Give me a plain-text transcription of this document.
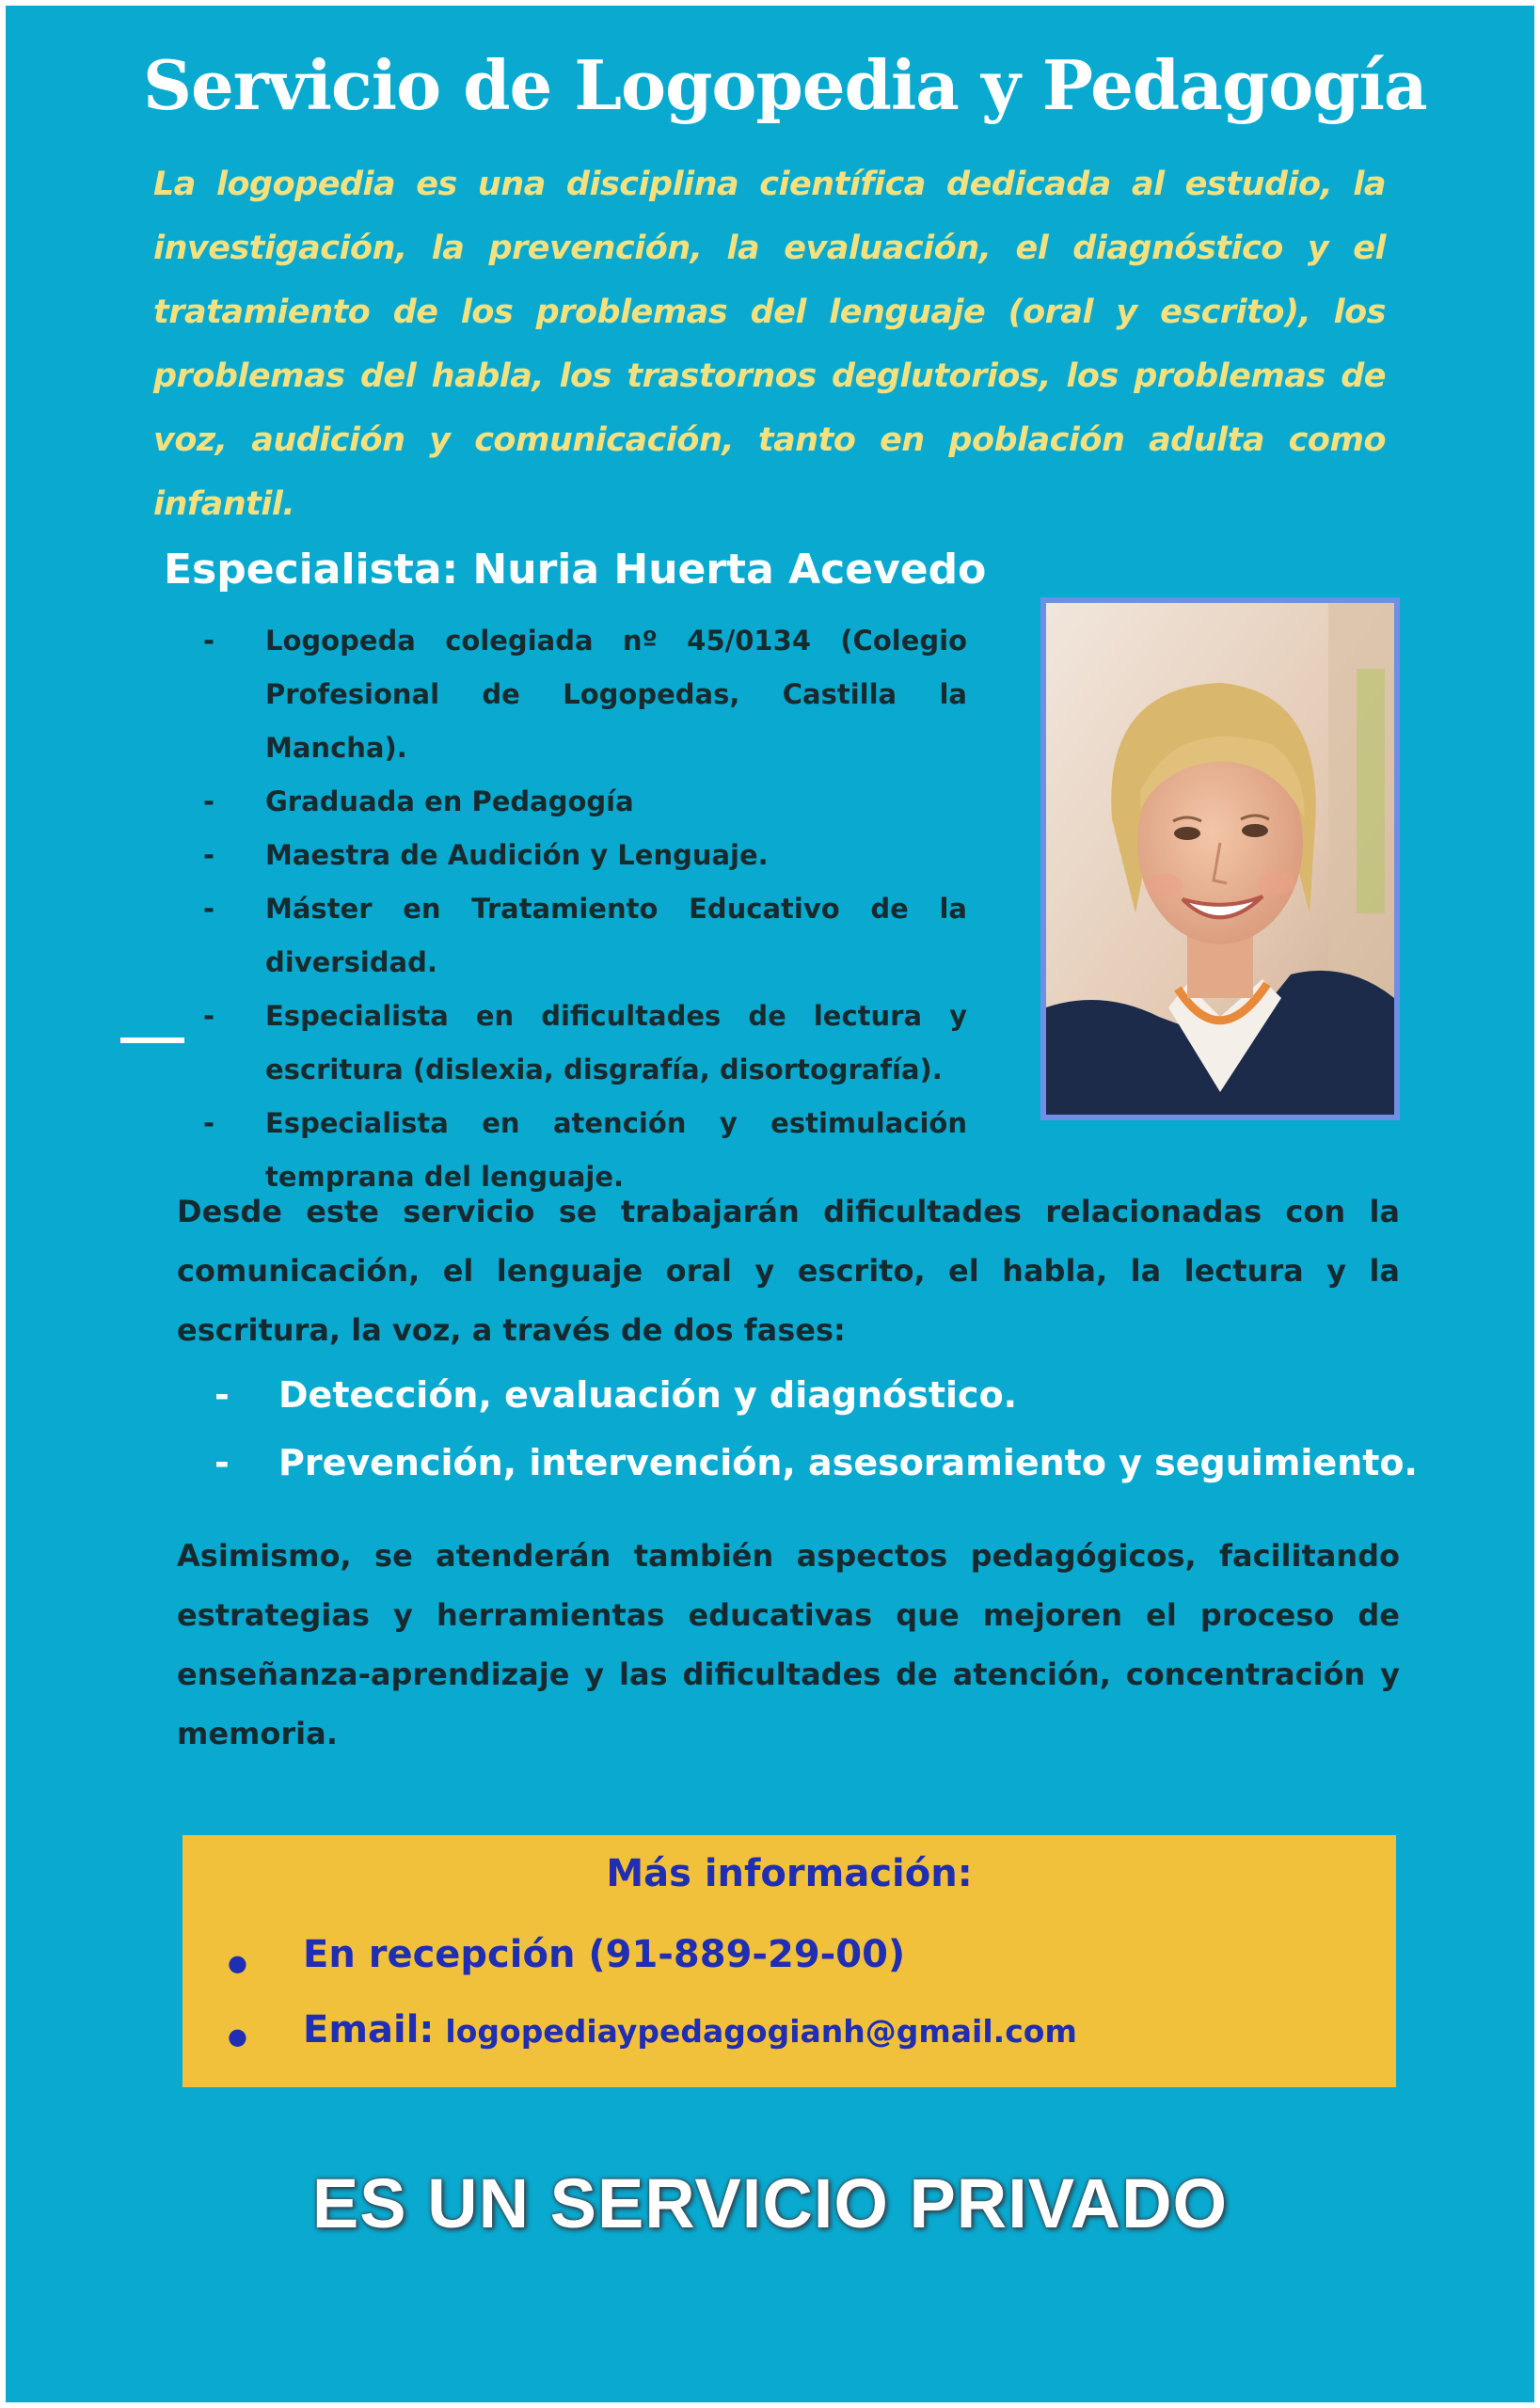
Servicio de Logopedia y Pedagogía

La logopedia es una disciplina científica dedicada al estudio, la investigación, la prevención, la evaluación, el diagnóstico y el tratamiento de los problemas del lenguaje (oral y escrito), los problemas del habla, los trastornos deglutorios, los problemas de voz, audición y comunicación, tanto en población adulta como infantil.

Especialista: Nuria Huerta Acevedo
- Logopeda colegiada nº 45/0134 (Colegio Profesional de Logopedas, Castilla la Mancha).
- Graduada en Pedagogía
- Maestra de Audición y Lenguaje.
- Máster en Tratamiento Educativo de la diversidad.
- Especialista en dificultades de lectura y escritura (dislexia, disgrafía, disortografía).
- Especialista en atención y estimulación temprana del lenguaje.

Desde este servicio se trabajarán dificultades relacionadas con la comunicación, el lenguaje oral y escrito, el habla, la lectura y la escritura, la voz, a través de dos fases:

- Detección, evaluación y diagnóstico.
- Prevención, intervención, asesoramiento y seguimiento.

Asimismo, se atenderán también aspectos pedagógicos, facilitando estrategias y herramientas educativas que mejoren el proceso de enseñanza-aprendizaje y las dificultades de atención, concentración y memoria.

Más información:

● En recepción (91-889-29-00)
● Email: logopediaypedagogianh@gmail.com

ES UN SERVICIO PRIVADO
